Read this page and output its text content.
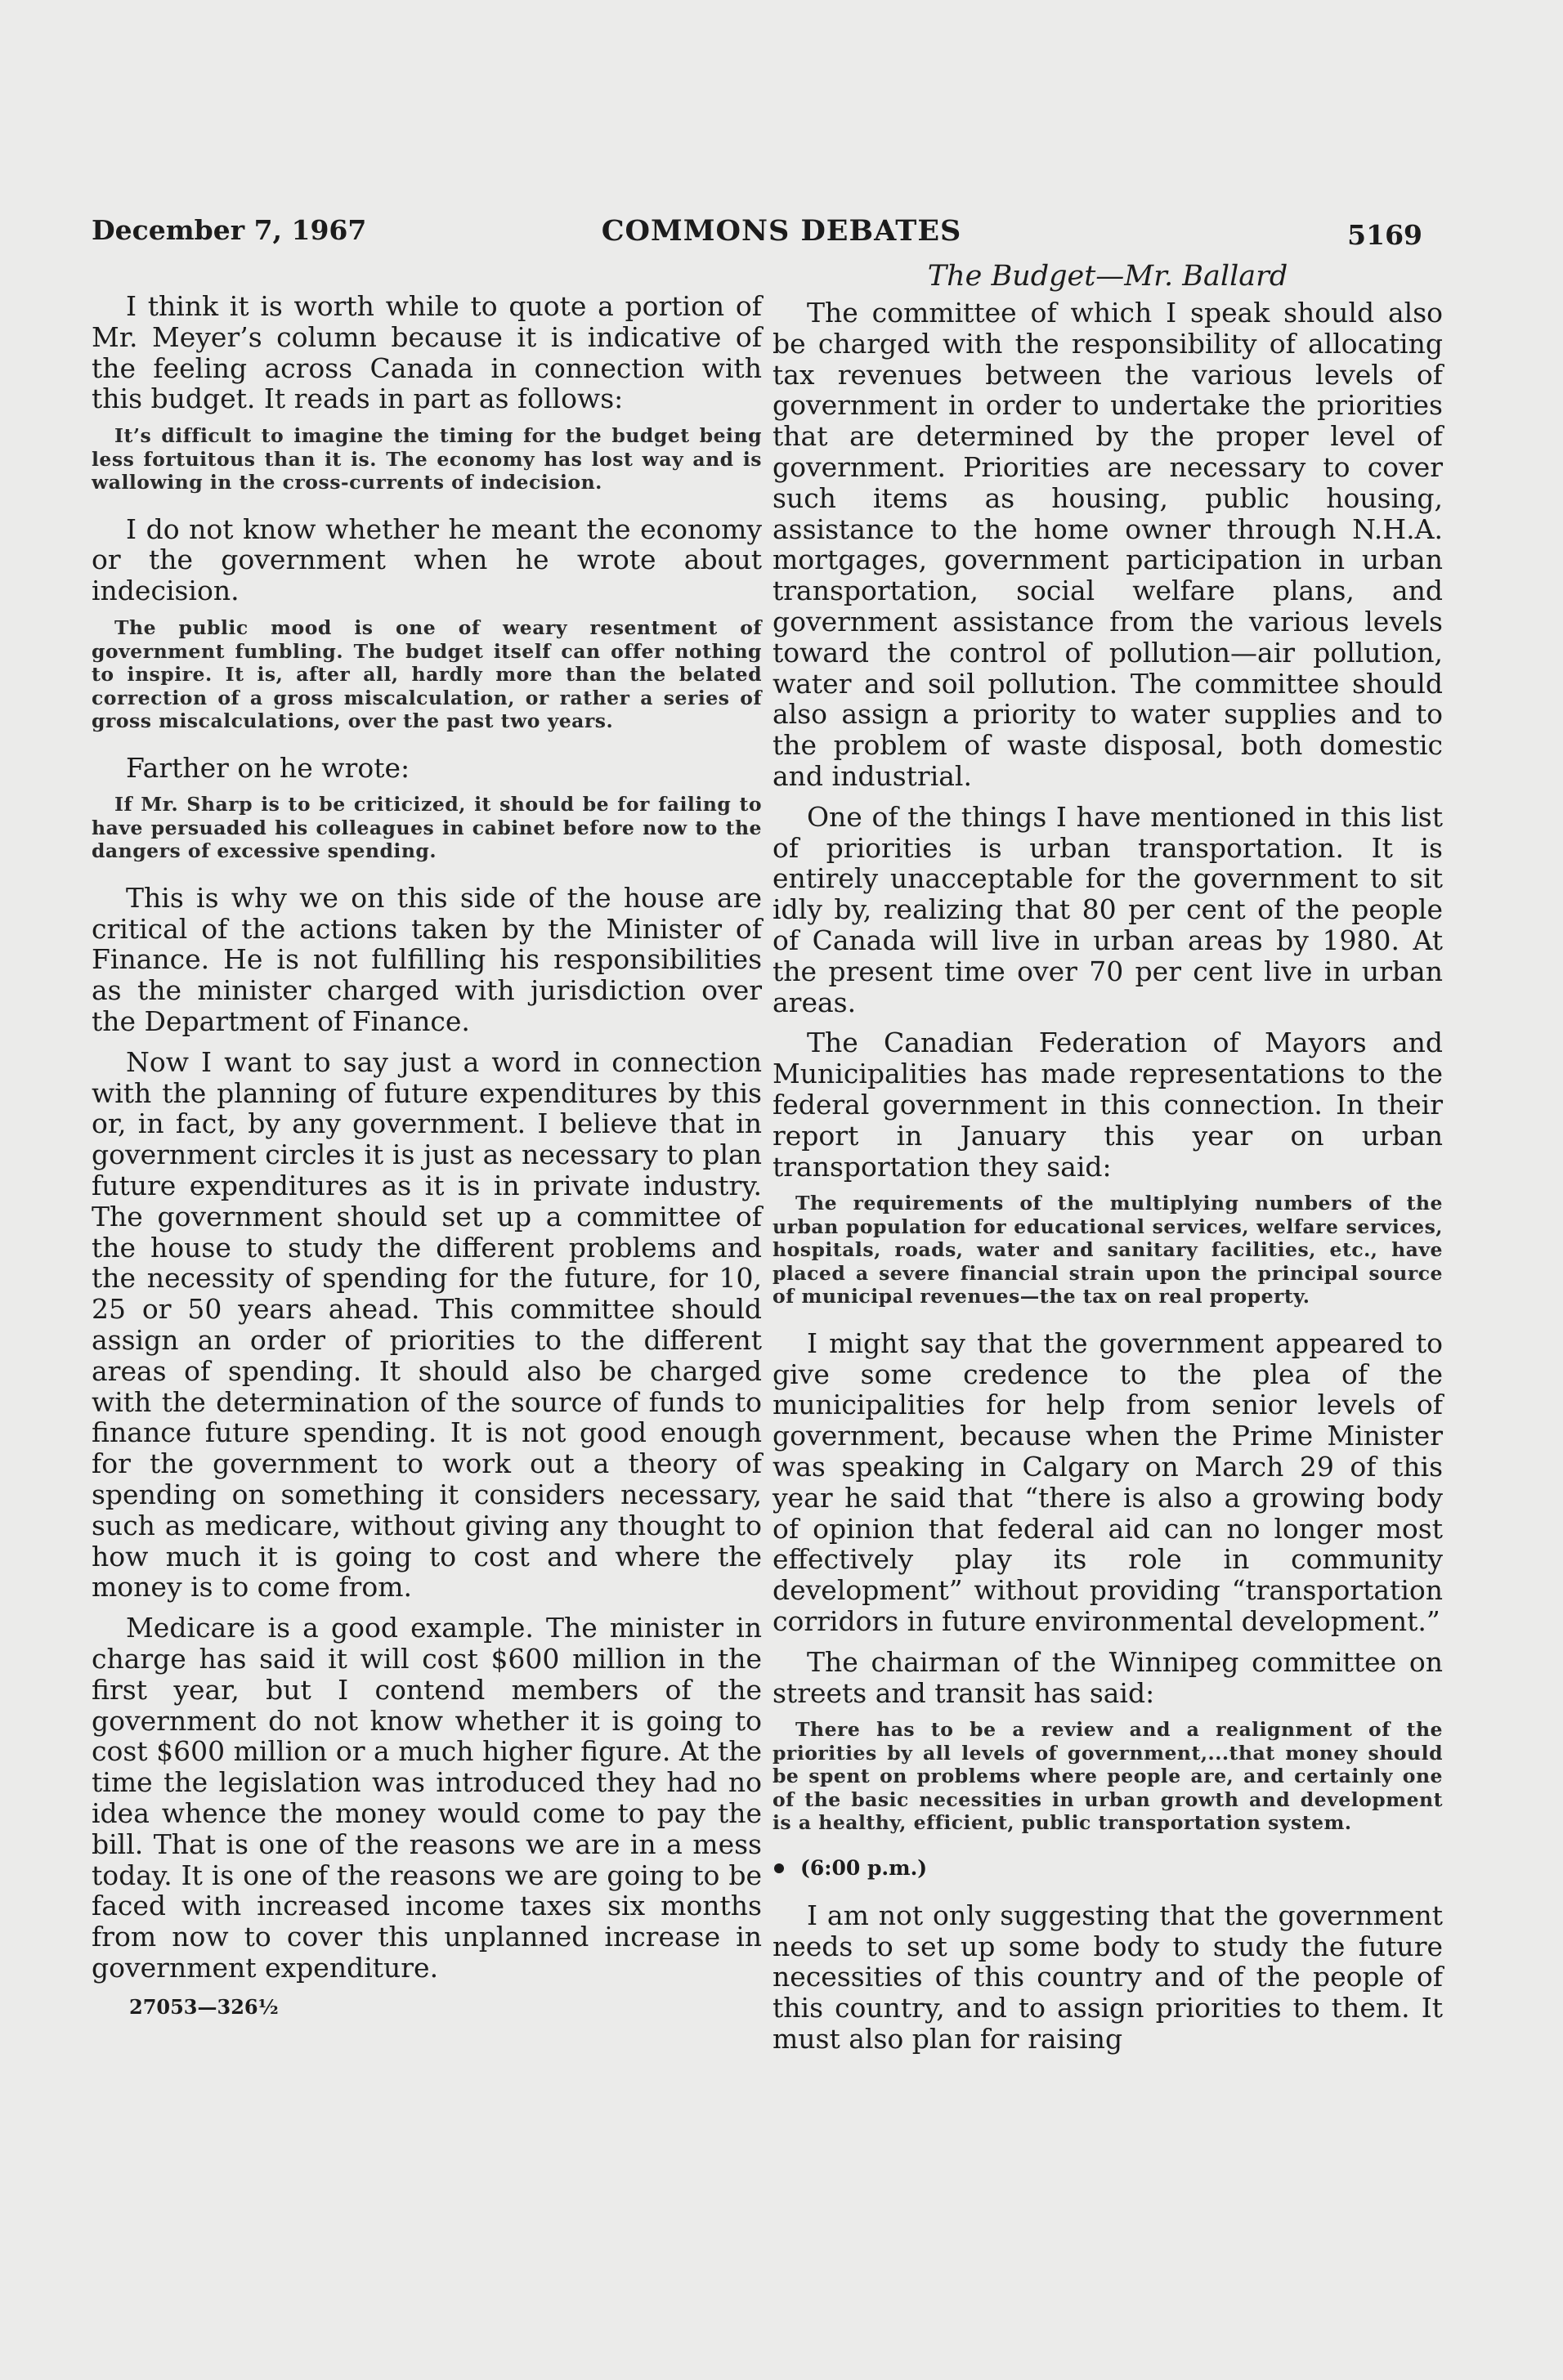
December 7, 1967	COMMONS DEBATES	5169

I think it is worth while to quote a portion of Mr. Meyer’s column because it is indicative of the feeling across Canada in connection with this budget. It reads in part as follows:

It’s difficult to imagine the timing for the budget being less fortuitous than it is. The economy has lost way and is wallowing in the cross-currents of indecision.

I do not know whether he meant the economy or the government when he wrote about indecision.

The public mood is one of weary resentment of government fumbling. The budget itself can offer nothing to inspire. It is, after all, hardly more than the belated correction of a gross miscalculation, or rather a series of gross miscalculations, over the past two years.

Farther on he wrote:

If Mr. Sharp is to be criticized, it should be for failing to have persuaded his colleagues in cabinet before now to the dangers of excessive spending.

This is why we on this side of the house are critical of the actions taken by the Minister of Finance. He is not fulfilling his responsibilities as the minister charged with jurisdiction over the Department of Finance.

Now I want to say just a word in connection with the planning of future expenditures by this or, in fact, by any government. I believe that in government circles it is just as necessary to plan future expenditures as it is in private industry. The government should set up a committee of the house to study the different problems and the necessity of spending for the future, for 10, 25 or 50 years ahead. This committee should assign an order of priorities to the different areas of spending. It should also be charged with the determination of the source of funds to finance future spending. It is not good enough for the government to work out a theory of spending on something it considers necessary, such as medicare, without giving any thought to how much it is going to cost and where the money is to come from.

Medicare is a good example. The minister in charge has said it will cost $600 million in the first year, but I contend members of the government do not know whether it is going to cost $600 million or a much higher figure. At the time the legislation was introduced they had no idea whence the money would come to pay the bill. That is one of the reasons we are in a mess today. It is one of the reasons we are going to be faced with increased income taxes six months from now to cover this unplanned increase in government expenditure.

27053—326½
The Budget—Mr. Ballard

The committee of which I speak should also be charged with the responsibility of allocating tax revenues between the various levels of government in order to undertake the priorities that are determined by the proper level of government. Priorities are necessary to cover such items as housing, public housing, assistance to the home owner through N.H.A. mortgages, government participation in urban transportation, social welfare plans, and government assistance from the various levels toward the control of pollution—air pollution, water and soil pollution. The committee should also assign a priority to water supplies and to the problem of waste disposal, both domestic and industrial.

One of the things I have mentioned in this list of priorities is urban transportation. It is entirely unacceptable for the government to sit idly by, realizing that 80 per cent of the people of Canada will live in urban areas by 1980. At the present time over 70 per cent live in urban areas.

The Canadian Federation of Mayors and Municipalities has made representations to the federal government in this connection. In their report in January this year on urban transportation they said:

The requirements of the multiplying numbers of the urban population for educational services, welfare services, hospitals, roads, water and sanitary facilities, etc., have placed a severe financial strain upon the principal source of municipal revenues—the tax on real property.

I might say that the government appeared to give some credence to the plea of the municipalities for help from senior levels of government, because when the Prime Minister was speaking in Calgary on March 29 of this year he said that “there is also a growing body of opinion that federal aid can no longer most effectively play its role in community development” without providing “transportation corridors in future environmental development.”

The chairman of the Winnipeg committee on streets and transit has said:

There has to be a review and a realignment of the priorities by all levels of government,...that money should be spent on problems where people are, and certainly one of the basic necessities in urban growth and development is a healthy, efficient, public transportation system.

(6:00 p.m.)

I am not only suggesting that the government needs to set up some body to study the future necessities of this country and of the people of this country, and to assign priorities to them. It must also plan for raising
